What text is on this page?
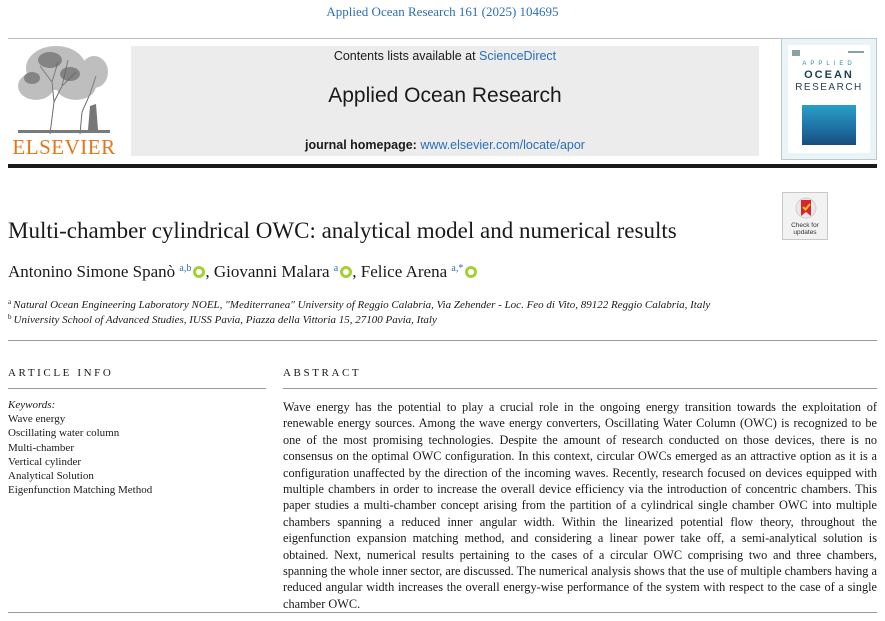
Applied Ocean Research 161 (2025) 104695
ELSEVIER
Contents lists available at ScienceDirect
Applied Ocean Research
journal homepage: www.elsevier.com/locate/apor
APPLIED
OCEAN
RESEARCH
Multi-chamber cylindrical OWC: analytical model and numerical results	Check for
updates
Antonino Simone Spanò $^{a,b}$ , Giovanni Malara $^a$ , Felice Arena $^{a,*}$
$^a$ Natural Ocean Engineering Laboratory NOEL, "Mediterranea" University of Reggio Calabria, Via Zehender - Loc. Feo di Vito, 89122 Reggio Calabria, Italy
$^b$ University School of Advanced Studies, IUSS Pavia, Piazza della Vittoria 15, 27100 Pavia, Italy
ARTICLE INFO	ABSTRACT
Keywords:
Wave energy
Oscillating water column
Multi-chamber
Vertical cylinder
Analytical Solution
Eigenfunction Matching Method
Wave energy has the potential to play a crucial role in the ongoing energy transition towards the exploitation of renewable energy sources. Among the wave energy converters, Oscillating Water Column (OWC) is recognized to be one of the most promising technologies. Despite the amount of research conducted on those devices, there is no consensus on the optimal OWC configuration. In this context, circular OWCs emerged as an attractive option as it is a configuration unaffected by the direction of the incoming waves. Recently, research focused on devices equipped with multiple chambers in order to increase the overall device efficiency via the introduction of concentric chambers. This paper studies a multi-chamber concept arising from the partition of a cylindrical single chamber OWC into multiple chambers spanning a reduced inner angular width. Within the linearized potential flow theory, throughout the eigenfunction expansion matching method, and considering a linear power take off, a semi-analytical solution is obtained. Next, numerical results pertaining to the cases of a circular OWC comprising two and three chambers, spanning the whole inner sector, are discussed. The numerical analysis shows that the use of multiple chambers having a reduced angular width increases the overall energy-wise performance of the system with respect to the case of a single chamber OWC.
